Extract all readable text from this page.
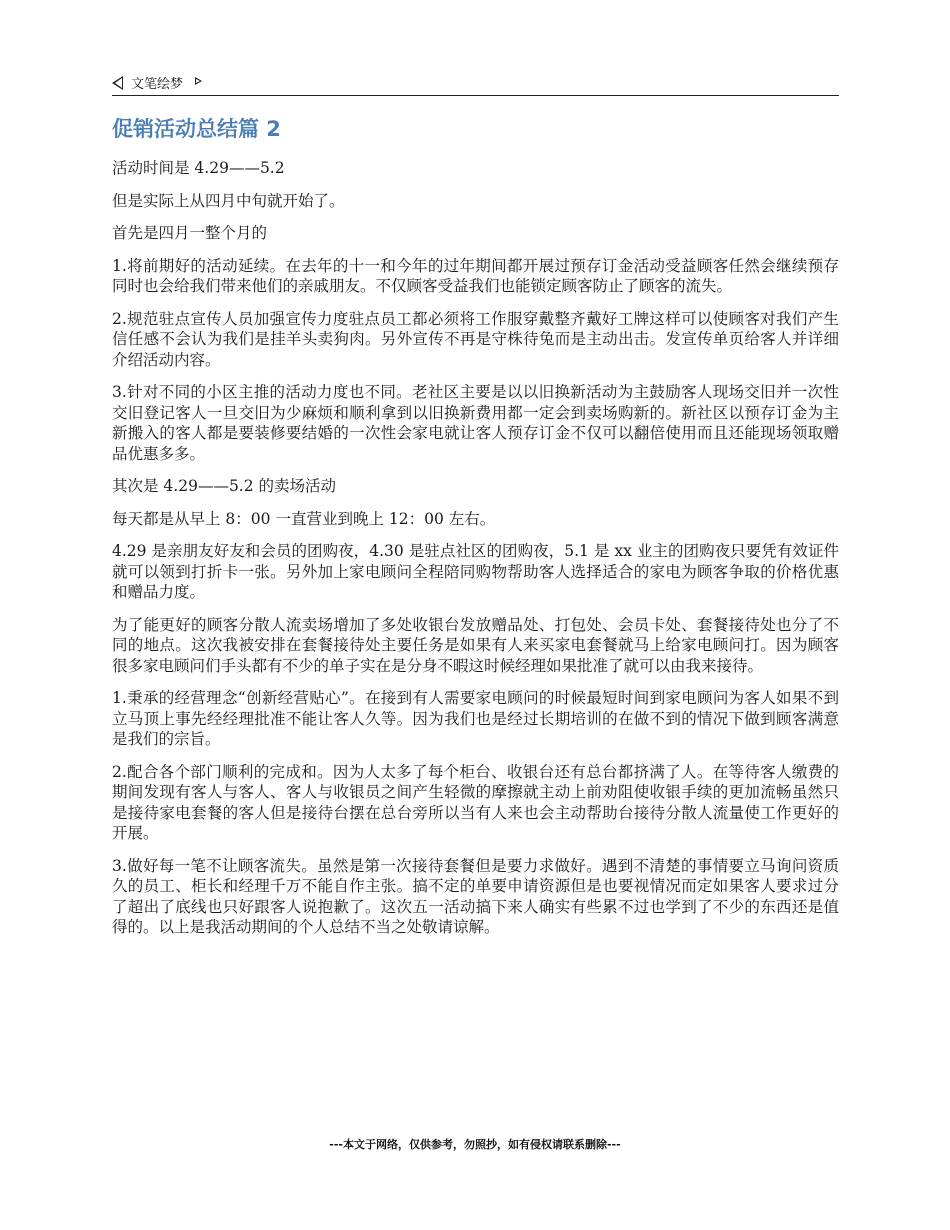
文笔绘梦
促销活动总结篇 2

活动时间是 4.29——5.2

但是实际上从四月中旬就开始了。

首先是四月一整个月的

1.将前期好的活动延续。在去年的十一和今年的过年期间都开展过预存订金活动受益顾客任然会继续预存同时也会给我们带来他们的亲戚朋友。不仅顾客受益我们也能锁定顾客防止了顾客的流失。

2.规范驻点宣传人员加强宣传力度驻点员工都必须将工作服穿戴整齐戴好工牌这样可以使顾客对我们产生信任感不会认为我们是挂羊头卖狗肉。另外宣传不再是守株待兔而是主动出击。发宣传单页给客人并详细介绍活动内容。

3.针对不同的小区主推的活动力度也不同。老社区主要是以以旧换新活动为主鼓励客人现场交旧并一次性交旧登记客人一旦交旧为少麻烦和顺利拿到以旧换新费用都一定会到卖场购新的。新社区以预存订金为主新搬入的客人都是要装修要结婚的一次性会家电就让客人预存订金不仅可以翻倍使用而且还能现场领取赠品优惠多多。

其次是 4.29——5.2 的卖场活动

每天都是从早上 8：00 一直营业到晚上 12：00 左右。

4.29 是亲朋友好友和会员的团购夜，4.30 是驻点社区的团购夜，5.1 是 xx 业主的团购夜只要凭有效证件就可以领到打折卡一张。另外加上家电顾问全程陪同购物帮助客人选择适合的家电为顾客争取的价格优惠和赠品力度。

为了能更好的顾客分散人流卖场增加了多处收银台发放赠品处、打包处、会员卡处、套餐接待处也分了不同的地点。这次我被安排在套餐接待处主要任务是如果有人来买家电套餐就马上给家电顾问打。因为顾客很多家电顾问们手头都有不少的单子实在是分身不暇这时候经理如果批准了就可以由我来接待。

1.秉承的经营理念“创新经营贴心”。在接到有人需要家电顾问的时候最短时间到家电顾问为客人如果不到立马顶上事先经经理批准不能让客人久等。因为我们也是经过长期培训的在做不到的情况下做到顾客满意是我们的宗旨。

2.配合各个部门顺利的完成和。因为人太多了每个柜台、收银台还有总台都挤满了人。在等待客人缴费的期间发现有客人与客人、客人与收银员之间产生轻微的摩擦就主动上前劝阻使收银手续的更加流畅虽然只是接待家电套餐的客人但是接待台摆在总台旁所以当有人来也会主动帮助台接待分散人流量使工作更好的开展。

3.做好每一笔不让顾客流失。虽然是第一次接待套餐但是要力求做好。遇到不清楚的事情要立马询问资质久的员工、柜长和经理千万不能自作主张。搞不定的单要申请资源但是也要视情况而定如果客人要求过分了超出了底线也只好跟客人说抱歉了。这次五一活动搞下来人确实有些累不过也学到了不少的东西还是值得的。以上是我活动期间的个人总结不当之处敬请谅解。

---本文于网络，仅供参考，勿照抄，如有侵权请联系删除---
